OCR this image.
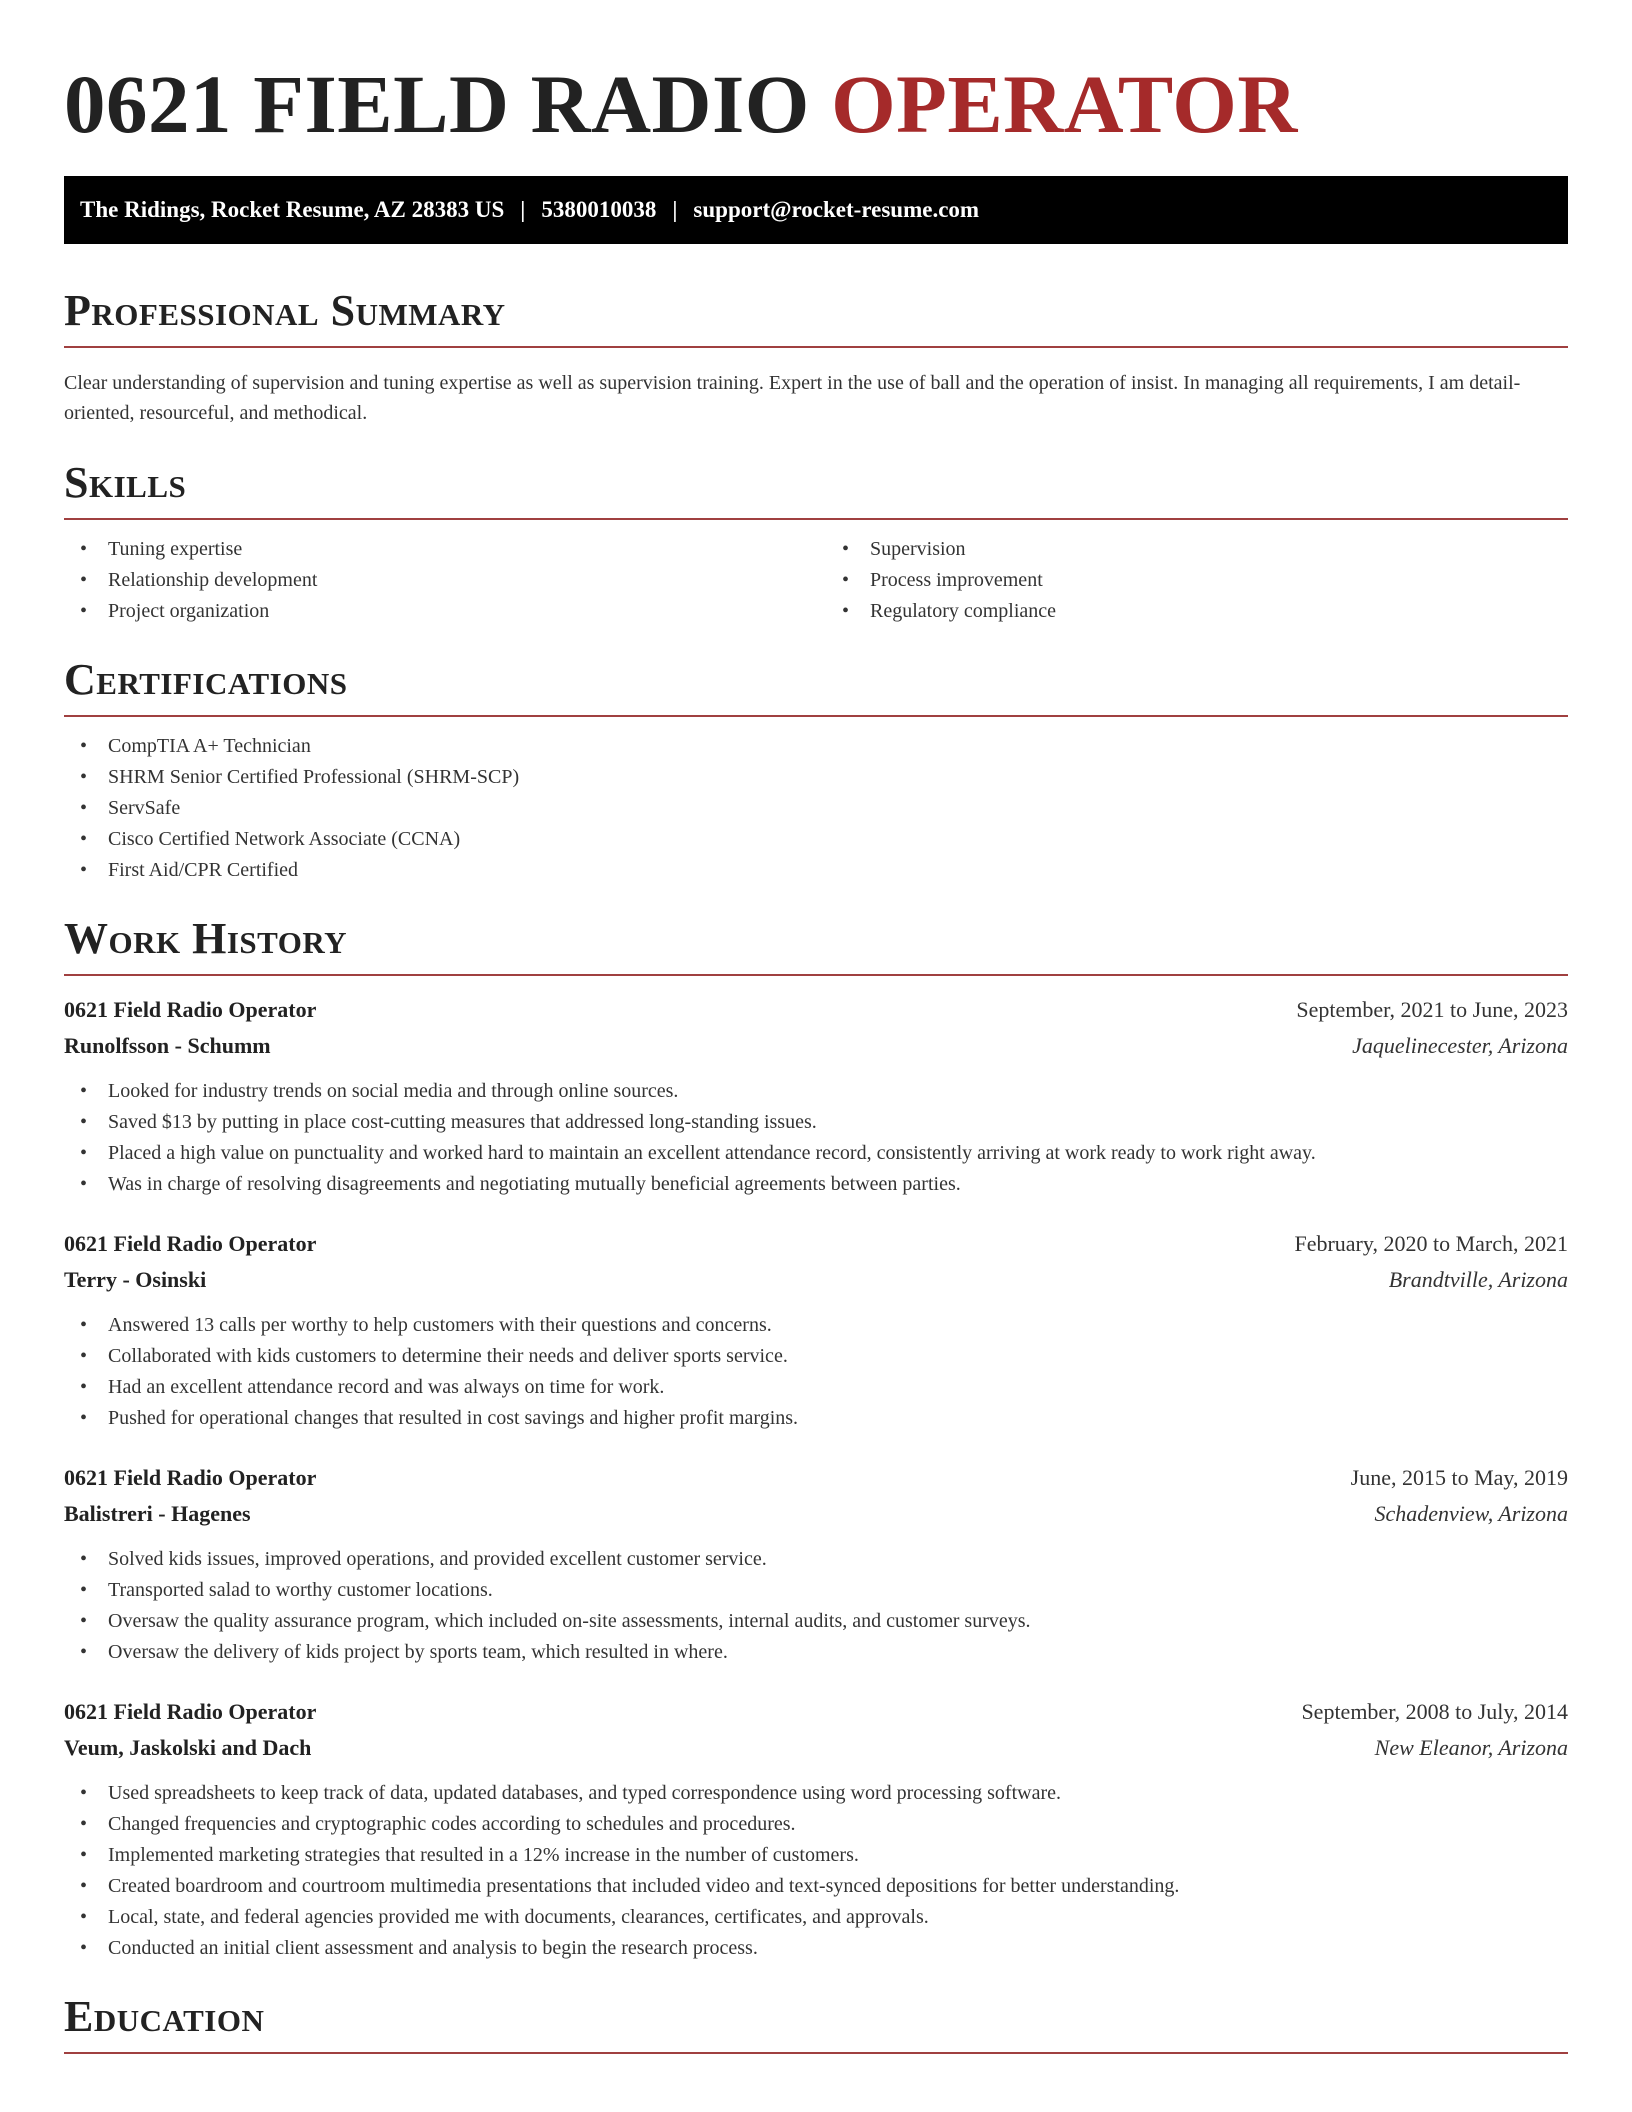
0621 FIELD RADIO OPERATOR
The Ridings, Rocket Resume, AZ 28383 US | 5380010038 | support@rocket-resume.com
Professional Summary

Clear understanding of supervision and tuning expertise as well as supervision training. Expert in the use of ball and the operation of insist. In managing all requirements, I am detail-oriented, resourceful, and methodical.

Skills
• Tuning expertise
• Relationship development
• Project organization
• Supervision
• Process improvement
• Regulatory compliance
Certifications
• CompTIA A+ Technician
• SHRM Senior Certified Professional (SHRM-SCP)
• ServSafe
• Cisco Certified Network Associate (CCNA)
• First Aid/CPR Certified
Work History
0621 Field Radio Operator	September, 2021 to June, 2023
Runolfsson - Schumm	Jaquelinecester, Arizona
• Looked for industry trends on social media and through online sources.
• Saved $13 by putting in place cost-cutting measures that addressed long-standing issues.
• Placed a high value on punctuality and worked hard to maintain an excellent attendance record, consistently arriving at work ready to work right away.
• Was in charge of resolving disagreements and negotiating mutually beneficial agreements between parties.
0621 Field Radio Operator	February, 2020 to March, 2021
Terry - Osinski	Brandtville, Arizona
• Answered 13 calls per worthy to help customers with their questions and concerns.
• Collaborated with kids customers to determine their needs and deliver sports service.
• Had an excellent attendance record and was always on time for work.
• Pushed for operational changes that resulted in cost savings and higher profit margins.
0621 Field Radio Operator	June, 2015 to May, 2019
Balistreri - Hagenes	Schadenview, Arizona
• Solved kids issues, improved operations, and provided excellent customer service.
• Transported salad to worthy customer locations.
• Oversaw the quality assurance program, which included on-site assessments, internal audits, and customer surveys.
• Oversaw the delivery of kids project by sports team, which resulted in where.
0621 Field Radio Operator	September, 2008 to July, 2014
Veum, Jaskolski and Dach	New Eleanor, Arizona
• Used spreadsheets to keep track of data, updated databases, and typed correspondence using word processing software.
• Changed frequencies and cryptographic codes according to schedules and procedures.
• Implemented marketing strategies that resulted in a 12% increase in the number of customers.
• Created boardroom and courtroom multimedia presentations that included video and text-synced depositions for better understanding.
• Local, state, and federal agencies provided me with documents, clearances, certificates, and approvals.
• Conducted an initial client assessment and analysis to begin the research process.
Education
